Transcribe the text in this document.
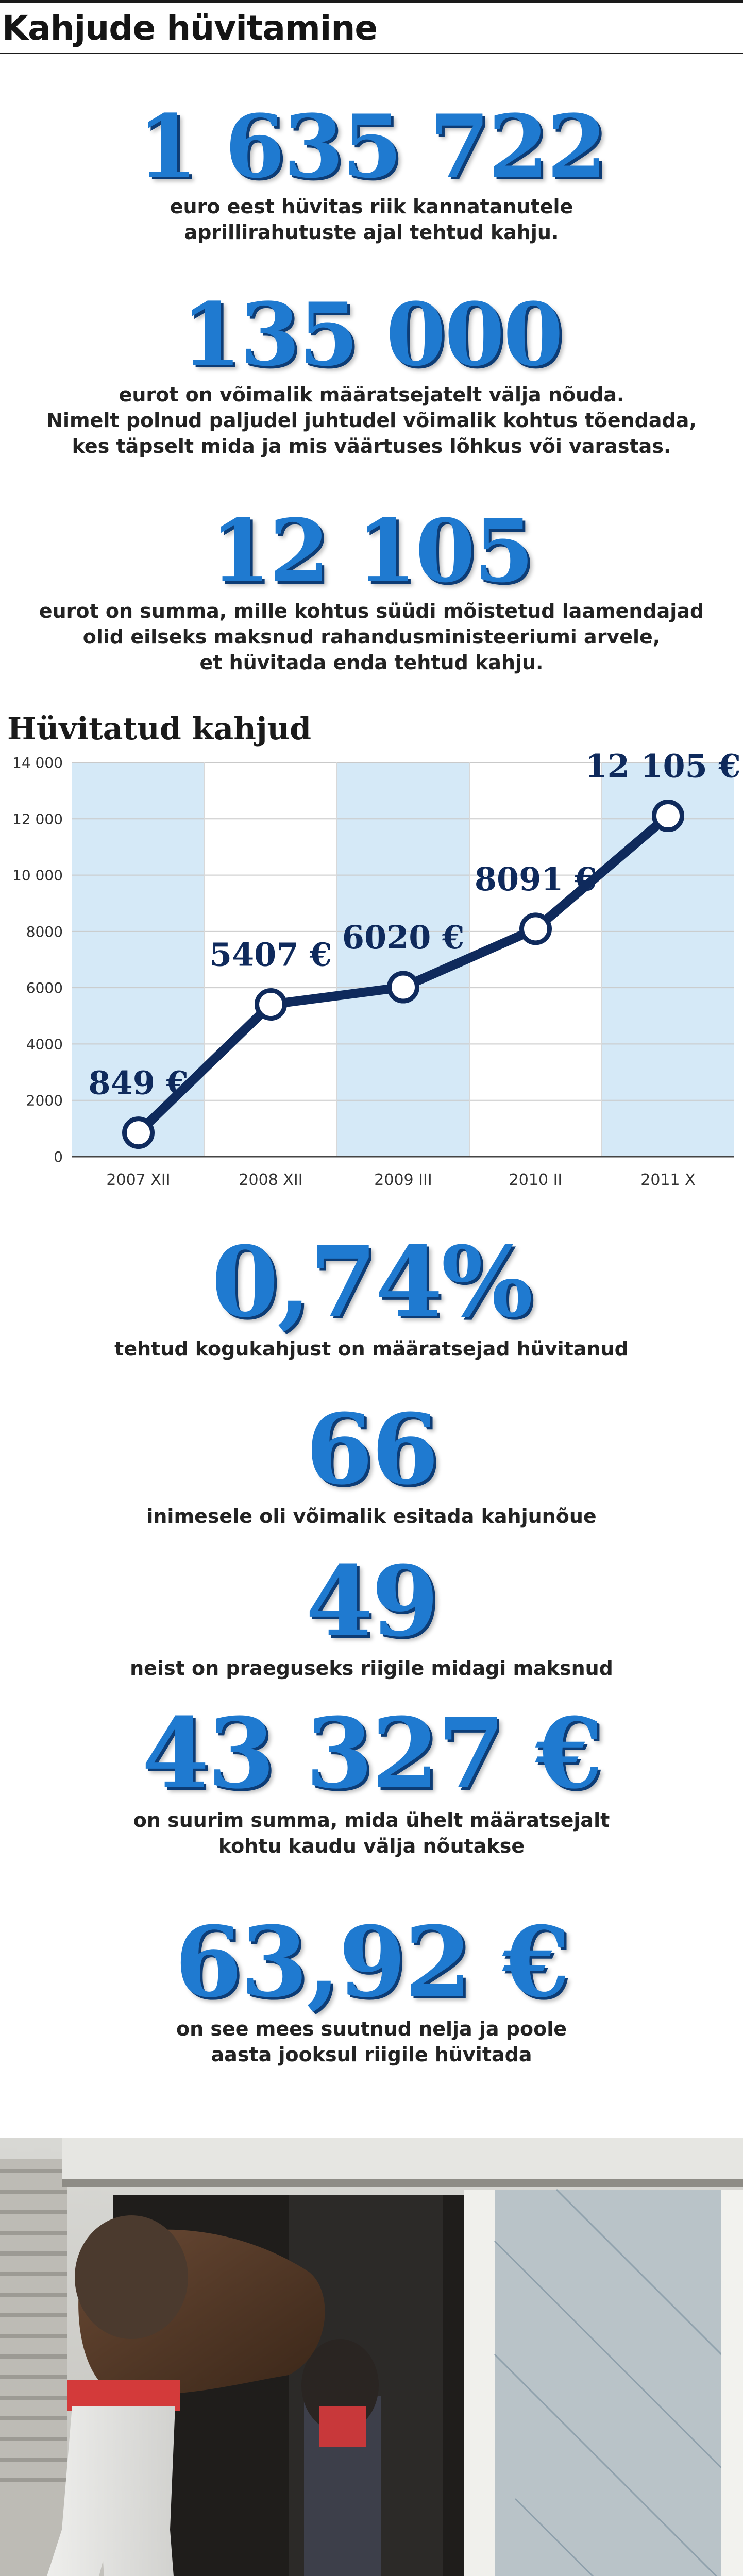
Kahjude hüvitamine
1 635 722
euro eest hüvitas riik kannatanutele
aprillirahutuste ajal tehtud kahju.
135 000
eurot on võimalik määratsejatelt välja nõuda.
Nimelt polnud paljudel juhtudel võimalik kohtus tõendada,
kes täpselt mida ja mis väärtuses lõhkus või varastas.
12 105
eurot on summa, mille kohtus süüdi mõistetud laamendajad
olid eilseks maksnud rahandusministeeriumi arvele,
et hüvitada enda tehtud kahju.
Hüvitatud kahjud
0
2000
4000
6000
8000
10 000
12 000
14 000
2007 XII	2008 XII	2009 III	2010 II	2011 X
849 €
5407 € 6020 €
8091 €
12 105 €
0,74%
tehtud kogukahjust on määratsejad hüvitanud
66
inimesele oli võimalik esitada kahjunõue
49
neist on praeguseks riigile midagi maksnud
43 327 €
on suurim summa, mida ühelt määratsejalt
kohtu kaudu välja nõutakse
63,92 €
on see mees suutnud nelja ja poole
aasta jooksul riigile hüvitada
